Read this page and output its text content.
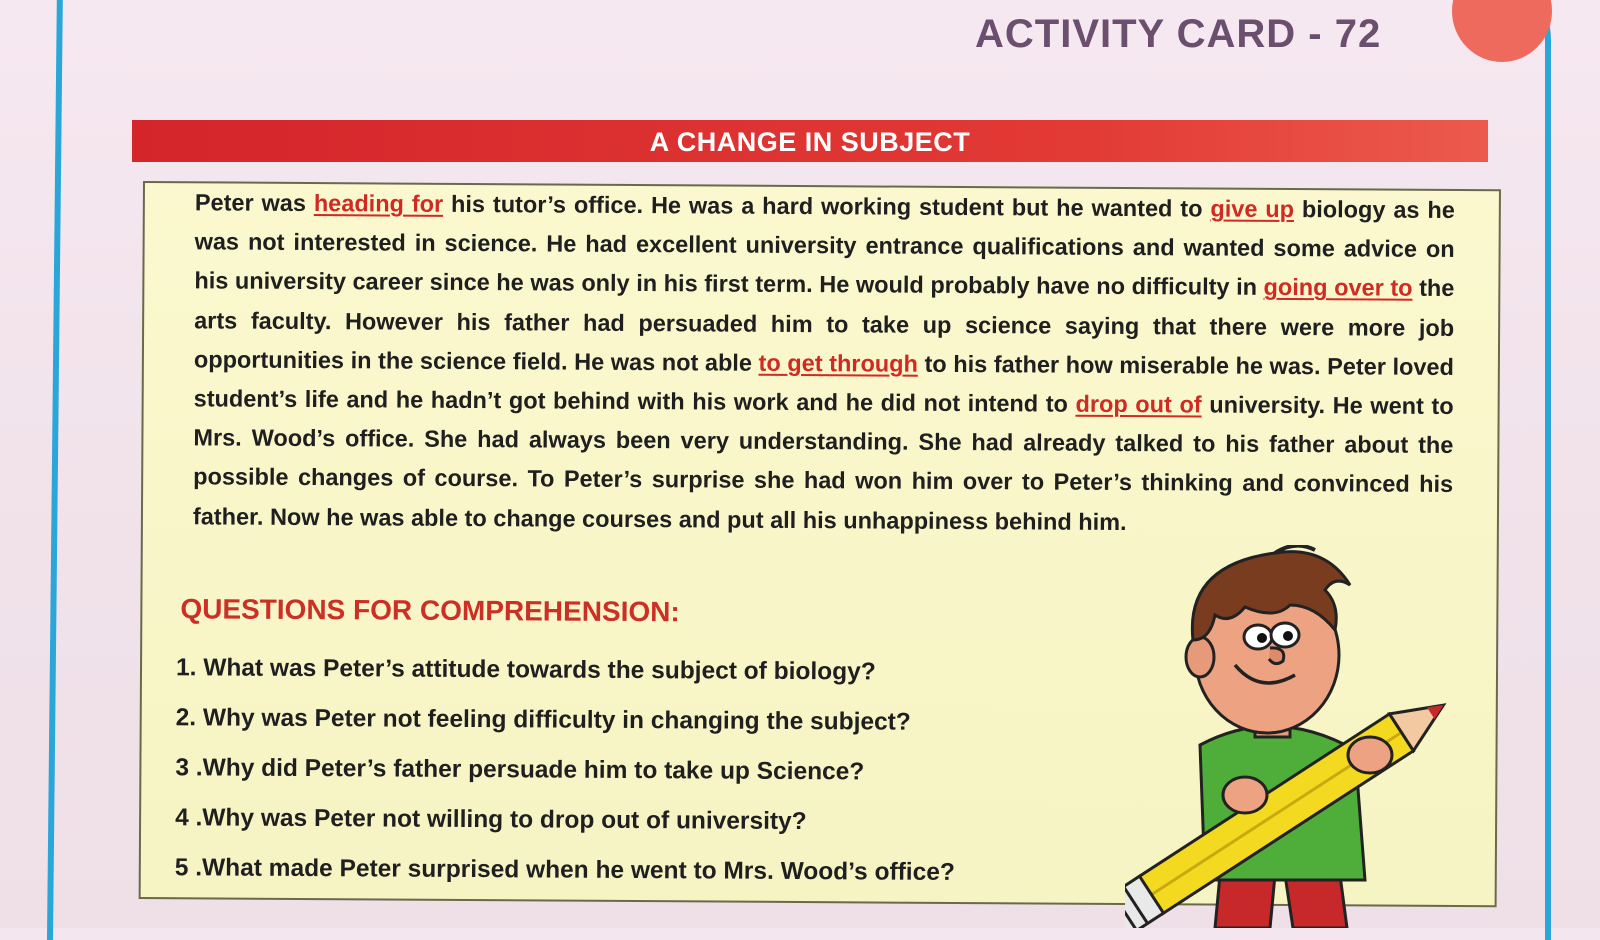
ACTIVITY CARD - 72
A CHANGE IN SUBJECT

Peter was heading for his tutor’s office. He was a hard working student but he wanted to give up biology as he was not interested in science. He had excellent university entrance qualifications and wanted some advice on his university career since he was only in his first term. He would probably have no difficulty in going over to the arts faculty. However his father had persuaded him to take up science saying that there were more job opportunities in the science field. He was not able to get through to his father how miserable he was. Peter loved student’s life and he hadn’t got behind with his work and he did not intend to drop out of university. He went to Mrs. Wood’s office. She had always been very understanding. She had already talked to his father about the possible changes of course. To Peter’s surprise she had won him over to Peter’s thinking and convinced his father. Now he was able to change courses and put all his unhappiness behind him.

QUESTIONS FOR COMPREHENSION:
1. What was Peter’s attitude towards the subject of biology?
2. Why was Peter not feeling difficulty in changing the subject?
3 .Why did Peter’s father persuade him to take up Science?
4 .Why was Peter not willing to drop out of university?
5 .What made Peter surprised when he went to Mrs. Wood’s office?
